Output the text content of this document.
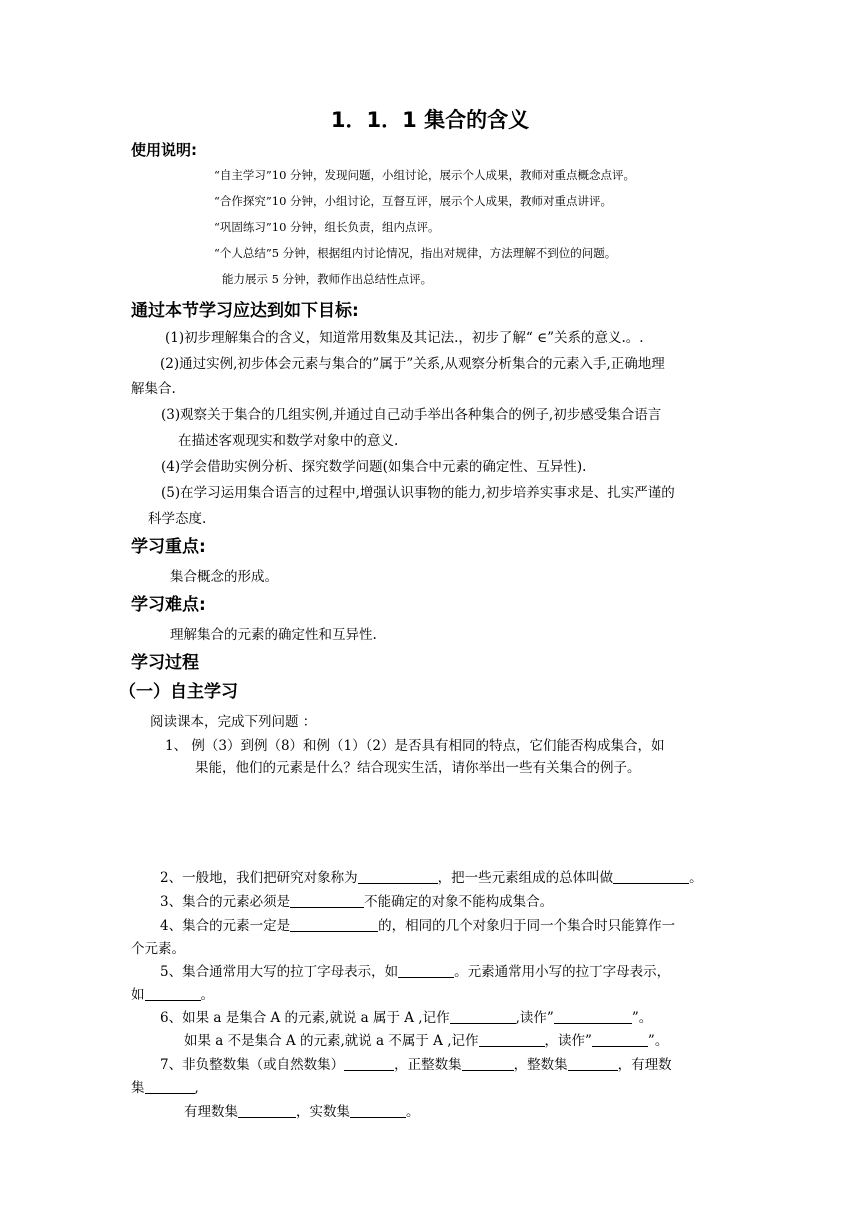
1．1．1 集合的含义
使用说明:
“自主学习”10 分钟，发现问题，小组讨论，展示个人成果，教师对重点概念点评。
“合作探究”10 分钟，小组讨论，互督互评，展示个人成果，教师对重点讲评。
“巩固练习”10 分钟，组长负责，组内点评。
“个人总结”5 分钟，根据组内讨论情况，指出对规律，方法理解不到位的问题。
能力展示 5 分钟，教师作出总结性点评。
通过本节学习应达到如下目标:
(1)初步理解集合的含义，知道常用数集及其记法.，初步了解“ ∈”关系的意义.。.
(2)通过实例,初步体会元素与集合的”属于”关系,从观察分析集合的元素入手,正确地理
解集合.
(3)观察关于集合的几组实例,并通过自己动手举出各种集合的例子,初步感受集合语言
在描述客观现实和数学对象中的意义.
(4)学会借助实例分析、探究数学问题(如集合中元素的确定性、互异性).
(5)在学习运用集合语言的过程中,增强认识事物的能力,初步培养实事求是、扎实严谨的
科学态度.
学习重点:
集合概念的形成。
学习难点:
理解集合的元素的确定性和互异性.
学习过程
（一）自主学习
阅读课本，完成下列问题 ：
1、 例（3）到例（8）和例（1）（2）是否具有相同的特点，它们能否构成集合，如
果能，他们的元素是什么？结合现实生活，请你举出一些有关集合的例子。
2、一般地，我们把研究对象称为	，把一些元素组成的总体叫做	。
3、集合的元素必须是	不能确定的对象不能构成集合。
4、集合的元素一定是	的，相同的几个对象归于同一个集合时只能算作一
个元素。
5、集合通常用大写的拉丁字母表示，如	。元素通常用小写的拉丁字母表示，
如	。
6、如果 a 是集合 A 的元素,就说 a 属于 A ,记作	,读作”	”。
如果 a 不是集合 A 的元素,就说 a 不属于 A ,记作	，读作”	”。
7、非负整数集（或自然数集）	，正整数集	，整数集	，有理数
集	,
有理数集	，实数集	。
